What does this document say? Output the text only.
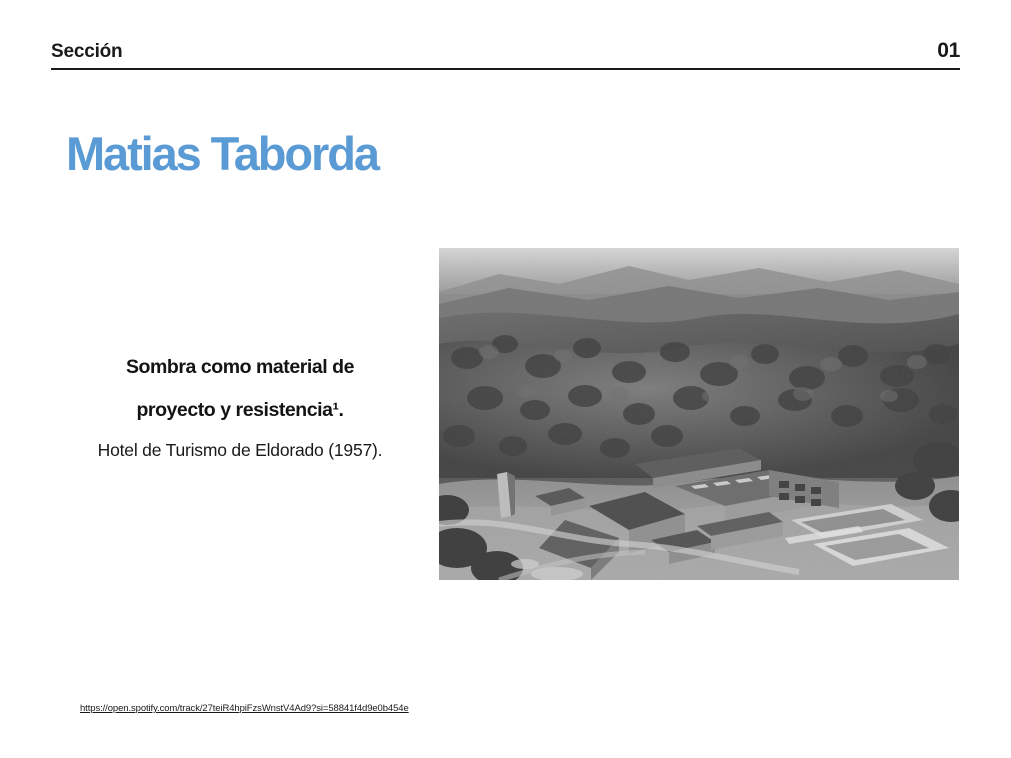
Sección	01
Matias Taborda
Sombra como material de
proyecto y resistencia¹.
Hotel de Turismo de Eldorado (1957).
https://open.spotify.com/track/27teiR4hpiFzsWnstV4Ad9?si=58841f4d9e0b454e
